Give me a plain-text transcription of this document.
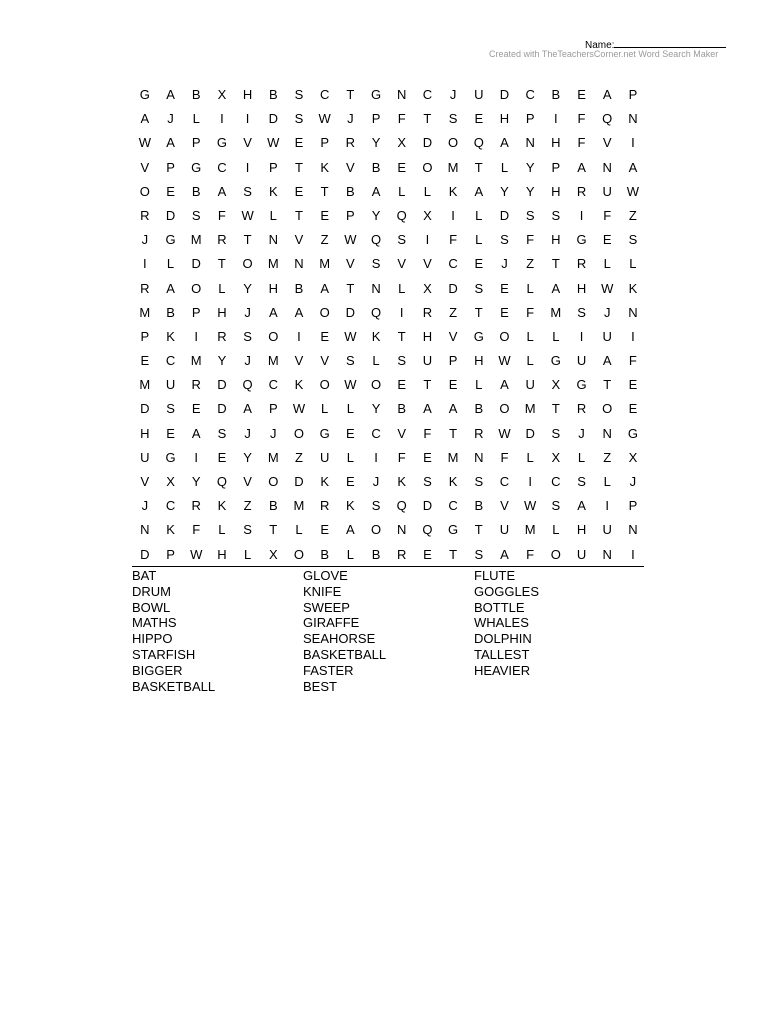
Name:
Created with TheTeachersCorner.net Word Search Maker
G	A	B	X	H	B	S	C	T	G	N	C	J	U	D	C	B	E	A	P
A	J	L	I	I	D	S	W	J	P	F	T	S	E	H	P	I	F	Q	N
W	A	P	G	V	W	E	P	R	Y	X	D	O	Q	A	N	H	F	V	I
V	P	G	C	I	P	T	K	V	B	E	O	M	T	L	Y	P	A	N	A
O	E	B	A	S	K	E	T	B	A	L	L	K	A	Y	Y	H	R	U	W
R	D	S	F	W	L	T	E	P	Y	Q	X	I	L	D	S	S	I	F	Z
J	G	M	R	T	N	V	Z	W	Q	S	I	F	L	S	F	H	G	E	S
I	L	D	T	O	M	N	M	V	S	V	V	C	E	J	Z	T	R	L	L
R	A	O	L	Y	H	B	A	T	N	L	X	D	S	E	L	A	H	W	K
M	B	P	H	J	A	A	O	D	Q	I	R	Z	T	E	F	M	S	J	N
P	K	I	R	S	O	I	E	W	K	T	H	V	G	O	L	L	I	U	I
E	C	M	Y	J	M	V	V	S	L	S	U	P	H	W	L	G	U	A	F
M	U	R	D	Q	C	K	O	W	O	E	T	E	L	A	U	X	G	T	E
D	S	E	D	A	P	W	L	L	Y	B	A	A	B	O	M	T	R	O	E
H	E	A	S	J	J	O	G	E	C	V	F	T	R	W	D	S	J	N	G
U	G	I	E	Y	M	Z	U	L	I	F	E	M	N	F	L	X	L	Z	X
V	X	Y	Q	V	O	D	K	E	J	K	S	K	S	C	I	C	S	L	J
J	C	R	K	Z	B	M	R	K	S	Q	D	C	B	V	W	S	A	I	P
N	K	F	L	S	T	L	E	A	O	N	Q	G	T	U	M	L	H	U	N
D	P	W	H	L	X	O	B	L	B	R	E	T	S	A	F	O	U	N	I
BAT
DRUM
BOWL
MATHS
HIPPO
STARFISH
BIGGER
BASKETBALL
GLOVE
KNIFE
SWEEP
GIRAFFE
SEAHORSE
BASKETBALL
FASTER
BEST
FLUTE
GOGGLES
BOTTLE
WHALES
DOLPHIN
TALLEST
HEAVIER
